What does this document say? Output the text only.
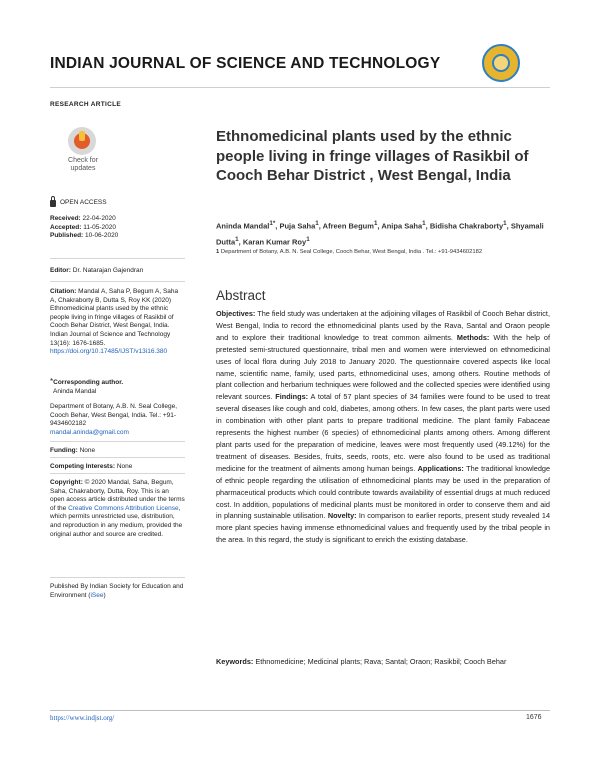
INDIAN JOURNAL OF SCIENCE AND TECHNOLOGY
RESEARCH ARTICLE
Check for updates
OPEN ACCESS
Received: 22-04-2020
Accepted: 11-05-2020
Published: 10-06-2020
Editor: Dr. Natarajan Gajendran
Citation: Mandal A, Saha P, Begum A, Saha A, Chakraborty B, Dutta S, Roy KK (2020) Ethnomedicinal plants used by the ethnic people living in fringe villages of Rasikbil of Cooch Behar District, West Bengal, India. Indian Journal of Science and Technology 13(16): 1676-1685. https://doi.org/10.17485/IJST/v13i16.380
*Corresponding author.
Aninda Mandal
Department of Botany, A.B. N. Seal College, Cooch Behar, West Bengal, India. Tel.: +91-9434602182
mandal.aninda@gmail.com
Funding: None
Competing Interests: None
Copyright: © 2020 Mandal, Saha, Begum, Saha, Chakraborty, Dutta, Roy. This is an open access article distributed under the terms of the Creative Commons Attribution License, which permits unrestricted use, distribution, and reproduction in any medium, provided the original author and source are credited.
Published By Indian Society for Education and Environment (iSee)
Ethnomedicinal plants used by the ethnic people living in fringe villages of Rasikbil of Cooch Behar District , West Bengal, India
Aninda Mandal$^{1*}$, Puja Saha$^1$, Afreen Begum$^1$, Anipa Saha$^1$, Bidisha Chakraborty$^1$, Shyamali Dutta$^1$, Karan Kumar Roy$^1$
1 Department of Botany, A.B. N. Seal College, Cooch Behar, West Bengal, India . Tel.: +91-9434602182
Abstract
Objectives: The field study was undertaken at the adjoining villages of Rasikbil of Cooch Behar district, West Bengal, India to record the ethnomedicinal plants used by the Rava, Santal and Oraon people and to explore their traditional knowledge to treat common ailments. Methods: With the help of pretested semi-structured questionnaire, tribal men and women were interviewed on ethnomedicinal uses of local flora during July 2018 to January 2020. The questionnaire covered aspects like local name, scientific name, family, used parts, ethnomedicinal uses, among others. Routine methods of plant collection and herbarium techniques were followed and the collected species were identified using relevant sources. Findings: A total of 57 plant species of 34 families were found to be used to treat several diseases like cough and cold, diabetes, among others. In few cases, the plant parts were used in combination with other plant parts to prepare traditional medicine. The plant family Fabaceae represents the highest number (6 species) of ethnomedicinal plants among others. Among different plant parts used for the preparation of medicine, leaves were most frequently used (49.12%) for the treatment of diseases. Besides, fruits, seeds, roots, etc. were also found to be used as traditional medicine for the treatment of ailments among human beings. Applications: The traditional knowledge of ethnic people regarding the utilisation of ethnomedicinal plants may be used in the preparation of pharmaceutical products which could contribute towards availability of essential drugs at much reduced cost. In addition, populations of medicinal plants must be monitored in order to conserve them and aid in planning sustainable utilisation. Novelty: In comparison to earlier reports, present study revealed 14 more plant species having immense ethnomedicinal values and frequently used by the tribal people in the area. In this regard, the study is significant to enrich the existing database.
Keywords: Ethnomedicine; Medicinal plants; Rava; Santal; Oraon; Rasikbil; Cooch Behar
https://www.indjst.org/	1676
